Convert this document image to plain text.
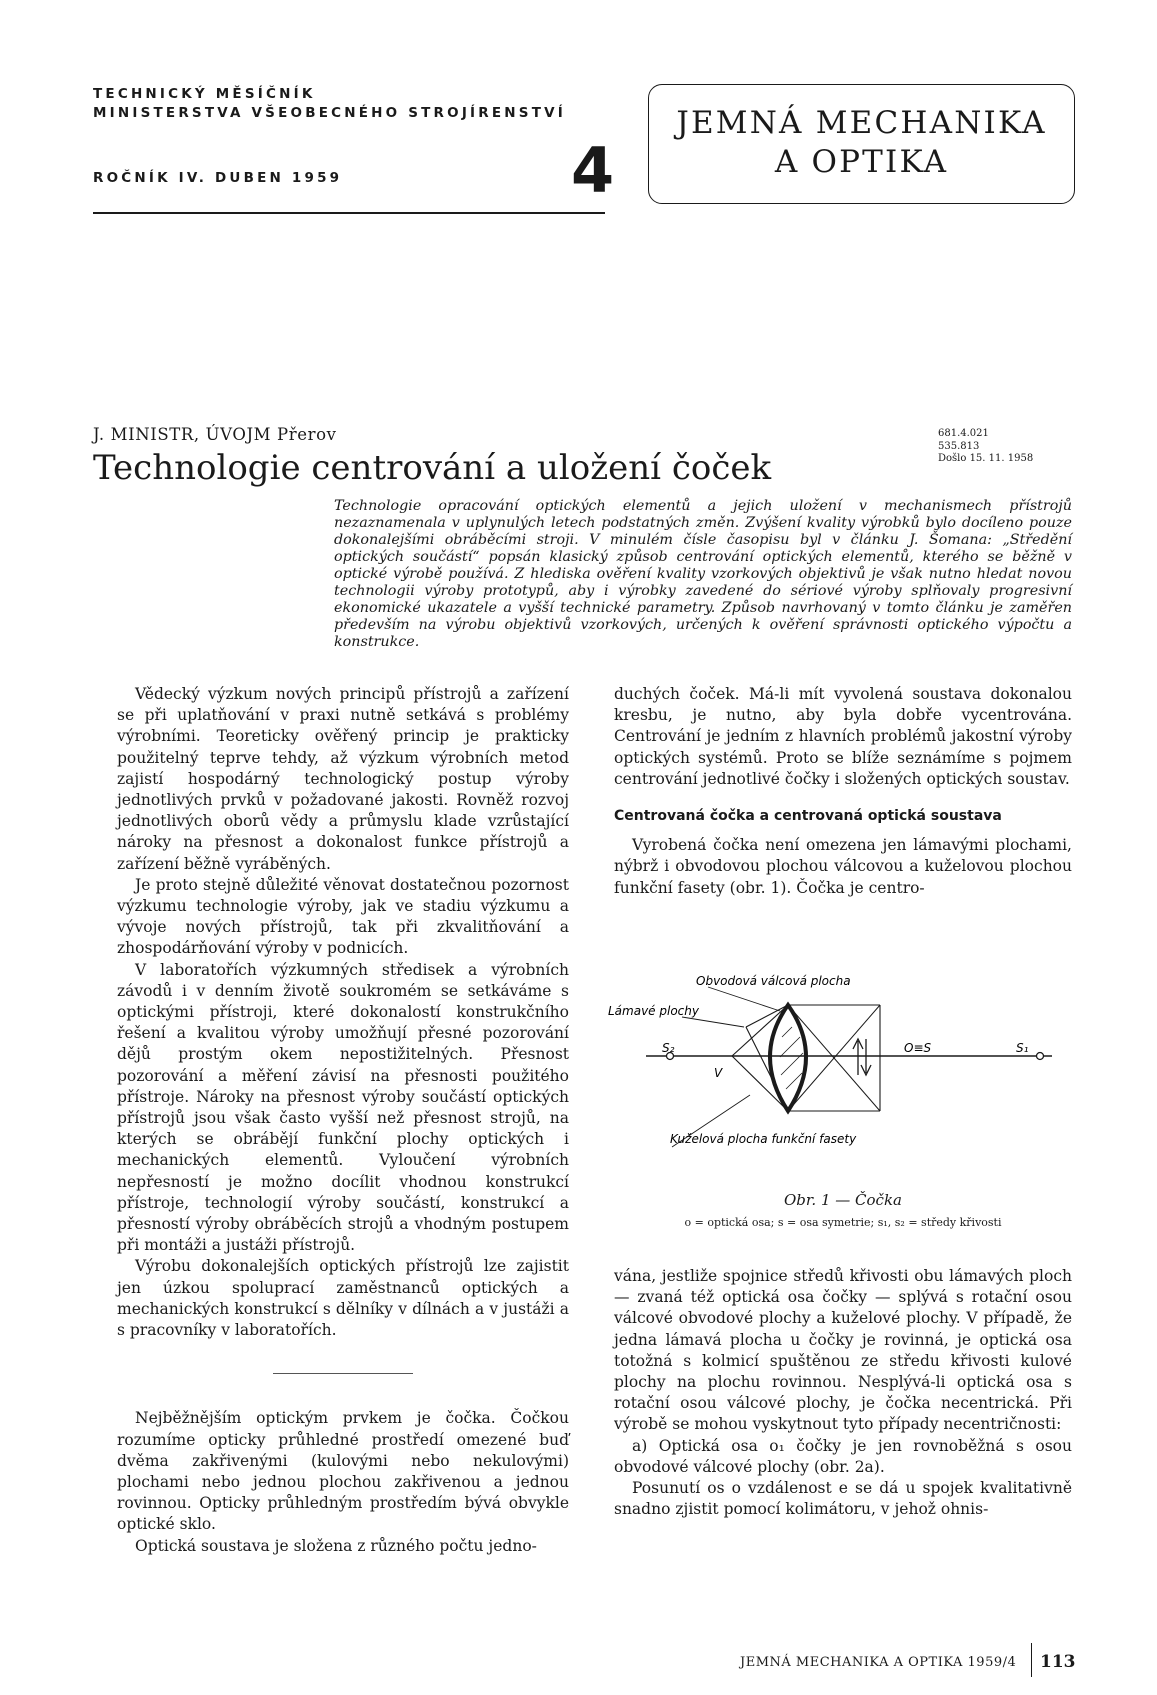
TECHNICKÝ MĚSÍČNÍK
MINISTERSTVA VŠEOBECNÉHO STROJÍRENSTVÍ
ROČNÍK IV. DUBEN 1959	4
JEMNÁ MECHANIKA
A OPTIKA
J. MINISTR, ÚVOJM Přerov
Technologie centrování a uložení čoček
681.4.021
535.813
Došlo 15. 11. 1958
Technologie opracování optických elementů a jejich uložení v mechanismech přístrojů nezaznamenala v uplynulých letech podstatných změn. Zvýšení kvality výrobků bylo docíleno pouze dokonalejšími obráběcími stroji. V minulém čísle časopisu byl v článku J. Šomana: „Středění optických součástí“ popsán klasický způsob centrování optických elementů, kterého se běžně v optické výrobě používá. Z hlediska ověření kvality vzorkových objektivů je však nutno hledat novou technologii výroby prototypů, aby i výrobky zavedené do sériové výroby splňovaly progresivní ekonomické ukazatele a vyšší technické parametry. Způsob navrhovaný v tomto článku je zaměřen především na výrobu objektivů vzorkových, určených k ověření správnosti optického výpočtu a konstrukce.

Vědecký výzkum nových principů přístrojů a zařízení se při uplatňování v praxi nutně setkává s problémy výrobními. Teoreticky ověřený princip je prakticky použitelný teprve tehdy, až výzkum výrobních metod zajistí hospodárný technologický postup výroby jednotlivých prvků v požadované jakosti. Rovněž rozvoj jednotlivých oborů vědy a průmyslu klade vzrůstající nároky na přesnost a dokonalost funkce přístrojů a zařízení běžně vyráběných.

Je proto stejně důležité věnovat dostatečnou pozornost výzkumu technologie výroby, jak ve stadiu výzkumu a vývoje nových přístrojů, tak při zkvalitňování a zhospodárňování výroby v podnicích.

V laboratořích výzkumných středisek a výrobních závodů i v denním životě soukromém se setkáváme s optickými přístroji, které dokonalostí konstrukčního řešení a kvalitou výroby umožňují přesné pozorování dějů prostým okem nepostižitelných. Přesnost pozorování a měření závisí na přesnosti použitého přístroje. Nároky na přesnost výroby součástí optických přístrojů jsou však často vyšší než přesnost strojů, na kterých se obrábějí funkční plochy optických i mechanických elementů. Vyloučení výrobních nepřesností je možno docílit vhodnou konstrukcí přístroje, technologií výroby součástí, konstrukcí a přesností výroby obráběcích strojů a vhodným postupem při montáži a justáži přístrojů.

Výrobu dokonalejších optických přístrojů lze zajistit jen úzkou spoluprací zaměstnanců optických a mechanických konstrukcí s dělníky v dílnách a v justáži a s pracovníky v laboratořích.

Nejběžnějším optickým prvkem je čočka. Čočkou rozumíme opticky průhledné prostředí omezené buď dvěma zakřivenými (kulovými nebo nekulovými) plochami nebo jednou plochou zakřivenou a jednou rovinnou. Opticky průhledným prostředím bývá obvykle optické sklo.

Optická soustava je složena z různého počtu jedno-

duchých čoček. Má-li mít vyvolená soustava dokonalou kresbu, je nutno, aby byla dobře vycentrována. Centrování je jedním z hlavních problémů jakostní výroby optických systémů. Proto se blíže seznámíme s pojmem centrování jednotlivé čočky i složených optických soustav.

Centrovaná čočka a centrovaná optická soustava

Vyrobená čočka není omezena jen lámavými plochami, nýbrž i obvodovou plochou válcovou a kuželovou plochou funkční fasety (obr. 1). Čočka je centro-

Obvodová válcová plocha
Lámavé plochy
S₂
V
O≡S	S₁
Kuželová plocha funkční fasety
Obr. 1 — Čočka
o = optická osa; s = osa symetrie; s₁, s₂ = středy křivosti

vána, jestliže spojnice středů křivosti obu lámavých ploch — zvaná též optická osa čočky — splývá s rotační osou válcové obvodové plochy a kuželové plochy. V případě, že jedna lámavá plocha u čočky je rovinná, je optická osa totožná s kolmicí spuštěnou ze středu křivosti kulové plochy na plochu rovinnou. Nesplývá-li optická osa s rotační osou válcové plochy, je čočka necentrická. Při výrobě se mohou vyskytnout tyto případy necentričnosti:

a) Optická osa o₁ čočky je jen rovnoběžná s osou obvodové válcové plochy (obr. 2a).

Posunutí os o vzdálenost e se dá u spojek kvalitativně snadno zjistit pomocí kolimátoru, v jehož ohnis-

JEMNÁ MECHANIKA A OPTIKA 1959/4 113
